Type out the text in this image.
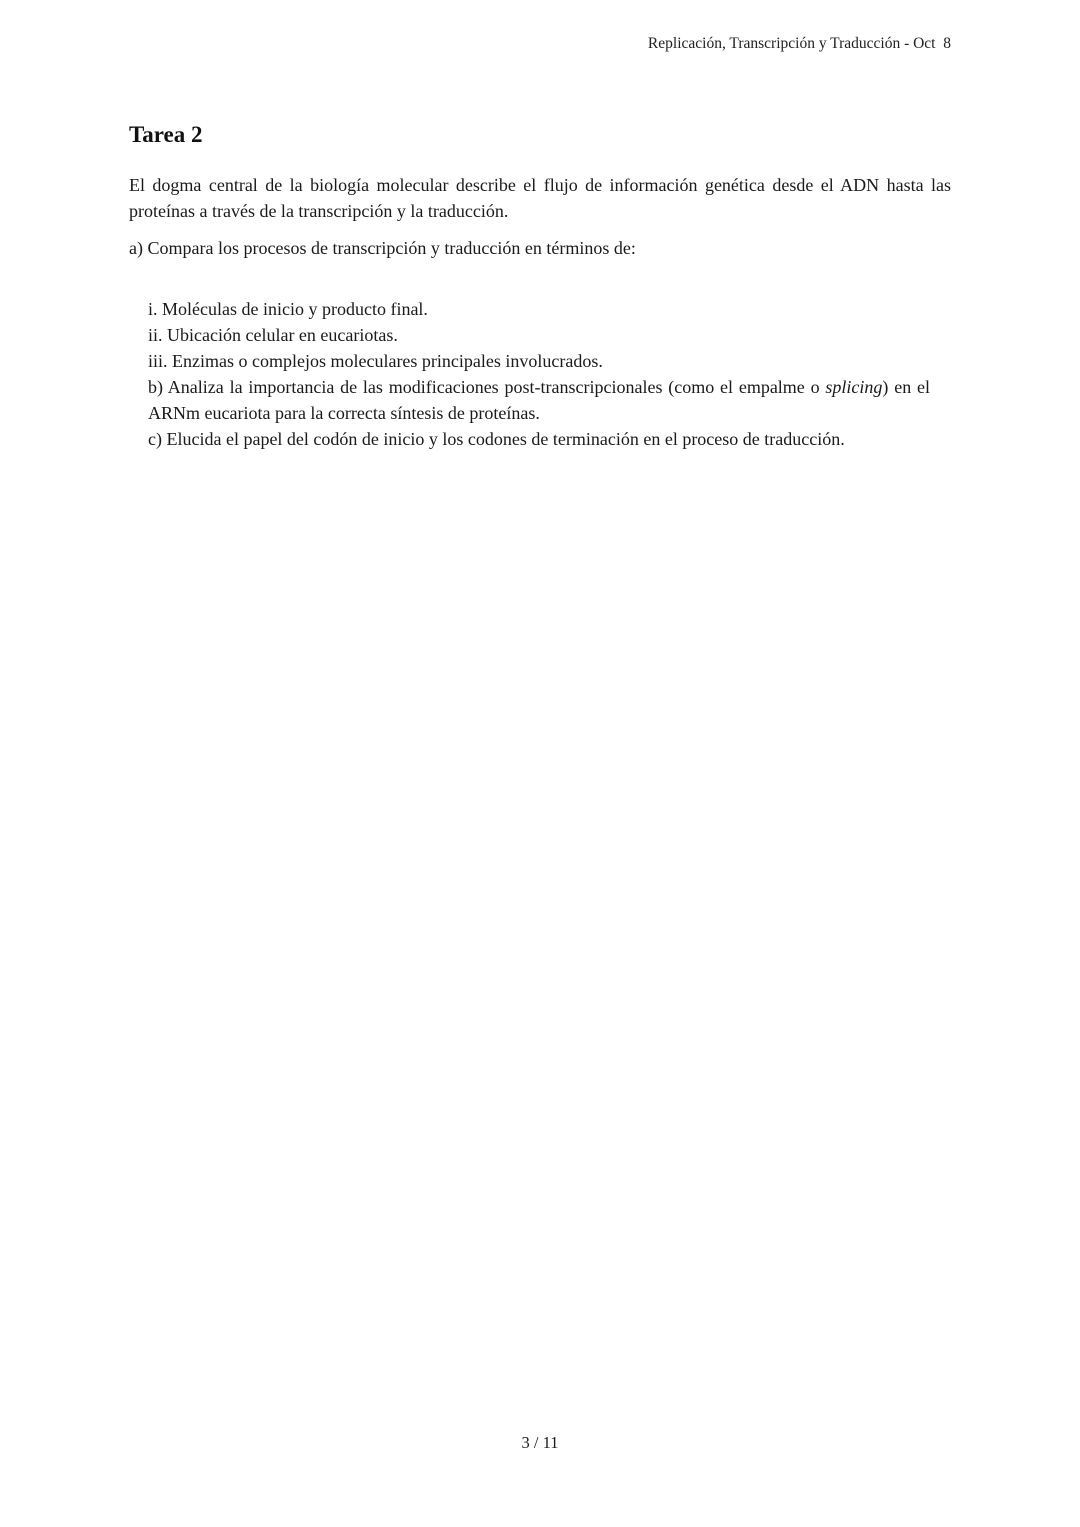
Replicación, Transcripción y Traducción - Oct  8
Tarea 2

El dogma central de la biología molecular describe el flujo de información genética desde el ADN hasta las proteínas a través de la transcripción y la traducción.

a) Compara los procesos de transcripción y traducción en términos de:

i. Moléculas de inicio y producto final.
ii. Ubicación celular en eucariotas.
iii. Enzimas o complejos moleculares principales involucrados.
b) Analiza la importancia de las modificaciones post-transcripcionales (como el empalme o splicing) en el ARNm eucariota para la correcta síntesis de proteínas.
c) Elucida el papel del codón de inicio y los codones de terminación en el proceso de traducción.
3 / 11
